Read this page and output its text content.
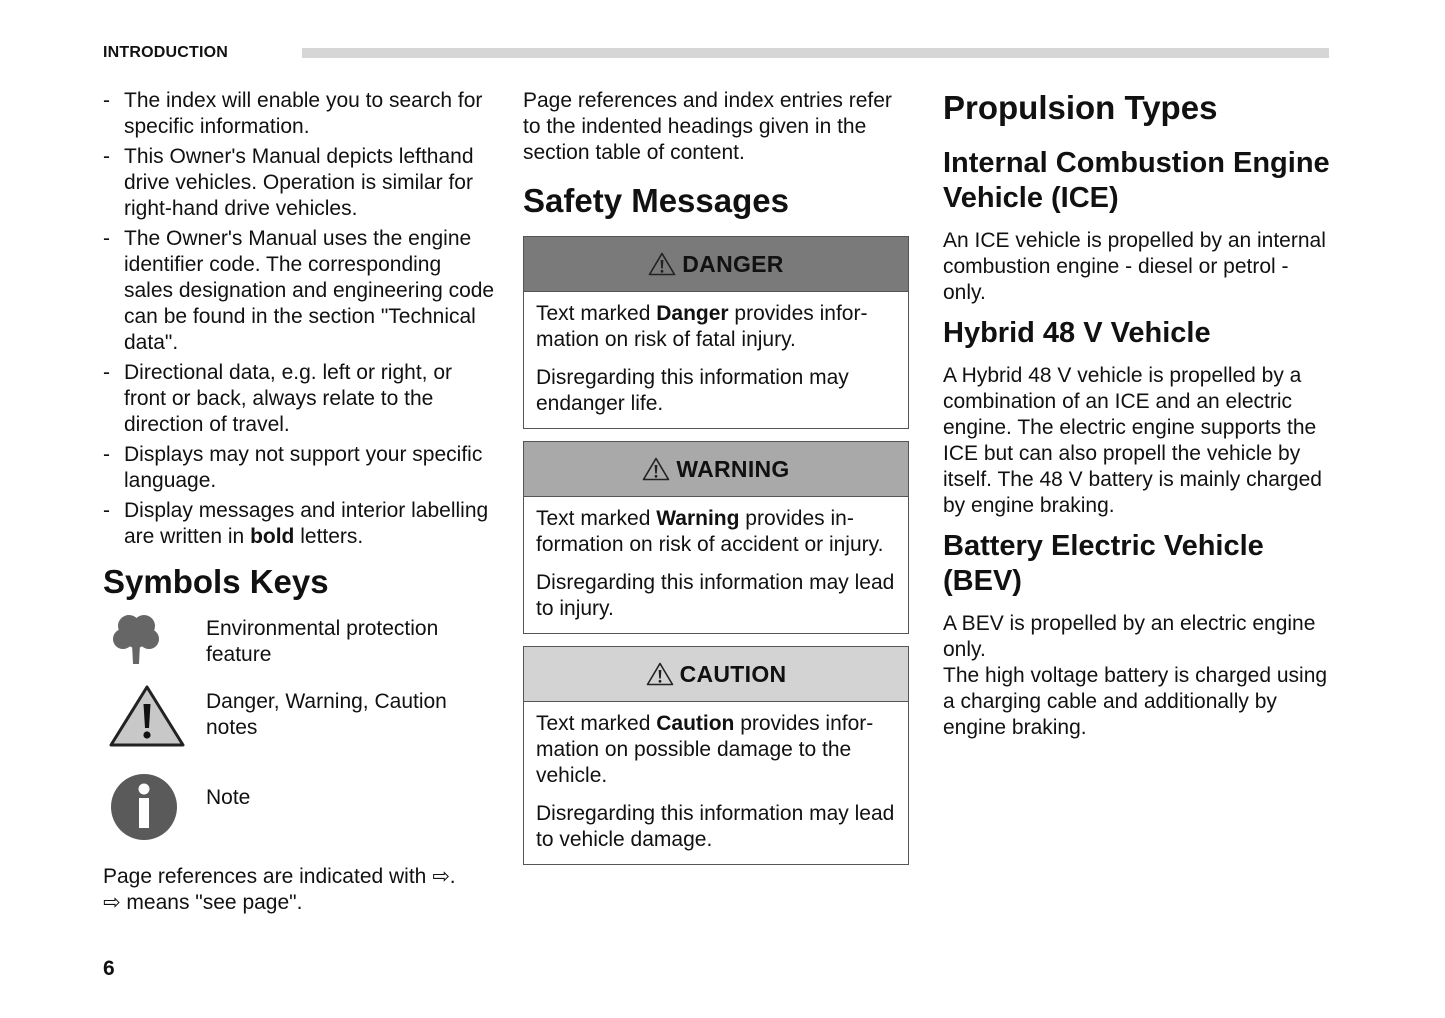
INTRODUCTION
- The index will enable you to search for specific information.
- This Owner's Manual depicts lefthand drive vehicles. Operation is similar for right-hand drive vehicles.
- The Owner's Manual uses the engine identifier code. The corresponding sales designation and engineering code can be found in the section "Technical data".
- Directional data, e.g. left or right, or front or back, always relate to the direction of travel.
- Displays may not support your specific language.
- Display messages and interior labelling are written in bold letters.
Symbols Keys
Environmental protection feature
Danger, Warning, Caution notes
Note

Page references are indicated with ⇨.

⇨ means "see page".

Page references and index entries refer to the indented headings given in the section table of content.

Safety Messages
DANGER

Text marked Danger provides infor-mation on risk of fatal injury.

Disregarding this information may endanger life.

WARNING

Text marked Warning provides in-formation on risk of accident or injury.

Disregarding this information may lead to injury.

CAUTION

Text marked Caution provides infor-mation on possible damage to the vehicle.

Disregarding this information may lead to vehicle damage.

Propulsion Types
Internal Combustion Engine Vehicle (ICE)

An ICE vehicle is propelled by an internal combustion engine - diesel or petrol - only.

Hybrid 48 V Vehicle

A Hybrid 48 V vehicle is propelled by a combination of an ICE and an electric engine. The electric engine supports the ICE but can also propell the vehicle by itself. The 48 V battery is mainly charged by engine braking.

Battery Electric Vehicle (BEV)

A BEV is propelled by an electric engine only.

The high voltage battery is charged using a charging cable and additionally by engine braking.

6
